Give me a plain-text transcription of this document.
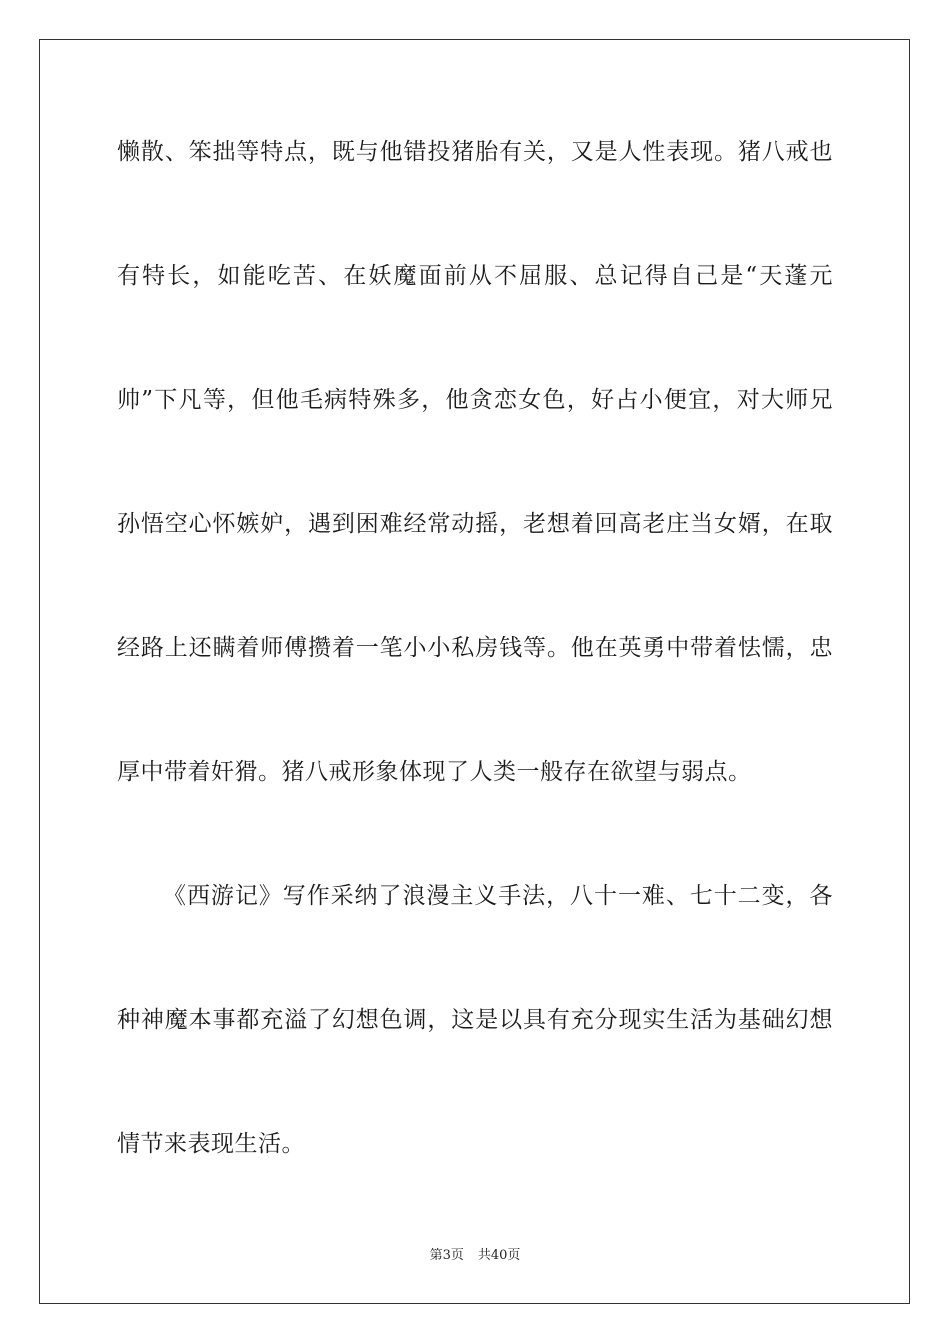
懒散、笨拙等特点，既与他错投猪胎有关，又是人性表现。猪八戒也
有特长，如能吃苦、在妖魔面前从不屈服、总记得自己是“天蓬元
帅”下凡等，但他毛病特殊多，他贪恋女色，好占小便宜，对大师兄
孙悟空心怀嫉妒，遇到困难经常动摇，老想着回高老庄当女婿，在取
经路上还瞒着师傅攒着一笔小小私房钱等。他在英勇中带着怯懦，忠
厚中带着奸猾。猪八戒形象体现了人类一般存在欲望与弱点。
《西游记》写作采纳了浪漫主义手法，八十一难、七十二变，各
种神魔本事都充溢了幻想色调，这是以具有充分现实生活为基础幻想
情节来表现生活。
第3页 共40页
